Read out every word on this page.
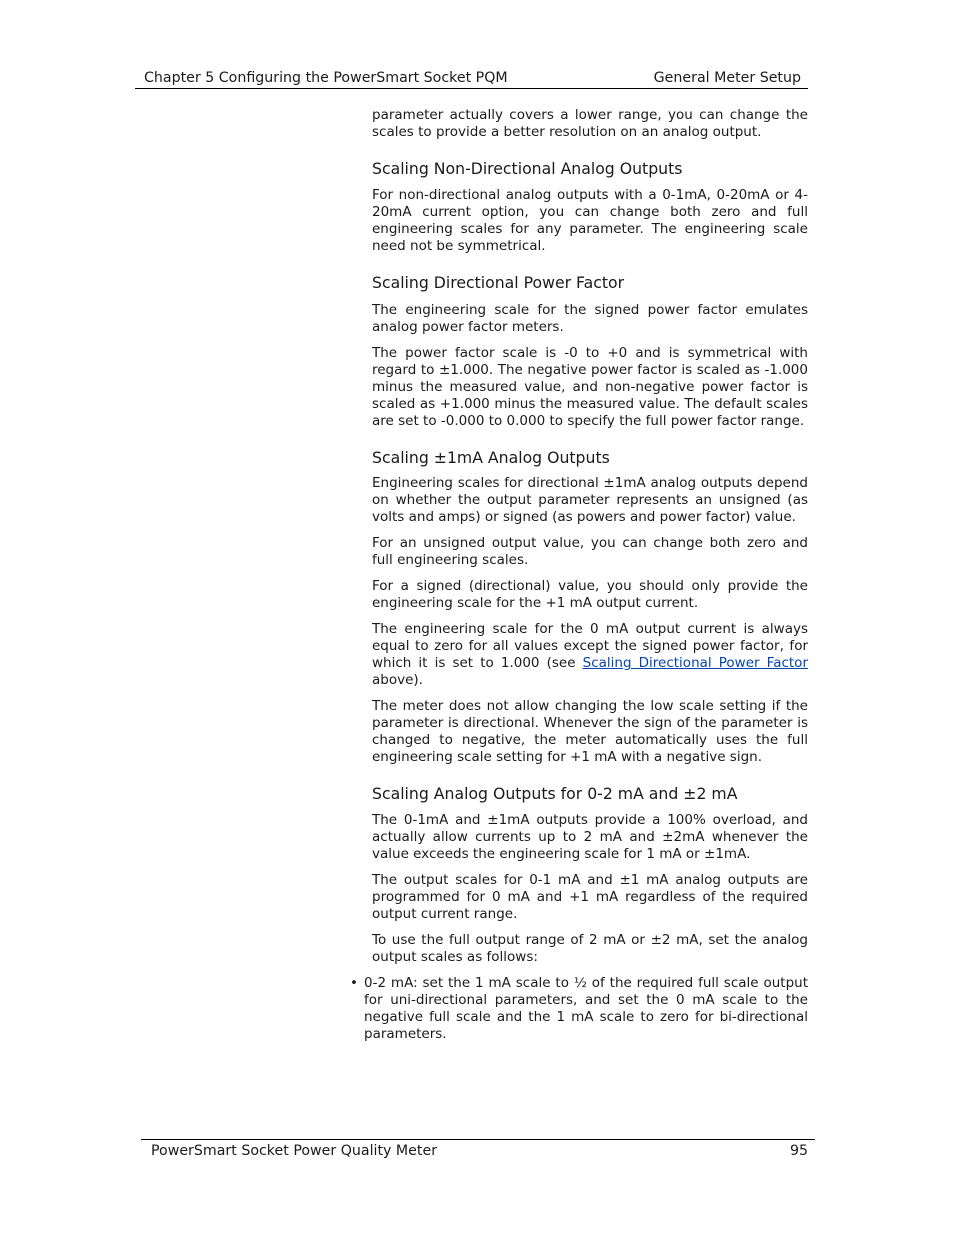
Chapter 5 Configuring the PowerSmart Socket PQM	General Meter Setup

parameter actually covers a lower range, you can change the scales to provide a better resolution on an analog output.

Scaling Non-Directional Analog Outputs

For non-directional analog outputs with a 0-1mA, 0-20mA or 4-20mA current option, you can change both zero and full engineering scales for any parameter. The engineering scale need not be symmetrical.

Scaling Directional Power Factor

The engineering scale for the signed power factor emulates analog power factor meters.

The power factor scale is -0 to +0 and is symmetrical with regard to ±1.000. The negative power factor is scaled as -1.000 minus the measured value, and non-negative power factor is scaled as +1.000 minus the measured value. The default scales are set to -0.000 to 0.000 to specify the full power factor range.

Scaling ±1mA Analog Outputs

Engineering scales for directional ±1mA analog outputs depend on whether the output parameter represents an unsigned (as volts and amps) or signed (as powers and power factor) value.

For an unsigned output value, you can change both zero and full engineering scales.

For a signed (directional) value, you should only provide the engineering scale for the +1 mA output current.

The engineering scale for the 0 mA output current is always equal to zero for all values except the signed power factor, for which it is set to 1.000 (see Scaling Directional Power Factor above).

The meter does not allow changing the low scale setting if the parameter is directional. Whenever the sign of the parameter is changed to negative, the meter automatically uses the full engineering scale setting for +1 mA with a negative sign.

Scaling Analog Outputs for 0-2 mA and ±2 mA

The 0-1mA and ±1mA outputs provide a 100% overload, and actually allow currents up to 2 mA and ±2mA whenever the value exceeds the engineering scale for 1 mA or ±1mA.

The output scales for 0-1 mA and ±1 mA analog outputs are programmed for 0 mA and +1 mA regardless of the required output current range.

To use the full output range of 2 mA or ±2 mA, set the analog output scales as follows:

• 0-2 mA: set the 1 mA scale to ½ of the required full scale output for uni-directional parameters, and set the 0 mA scale to the negative full scale and the 1 mA scale to zero for bi-directional parameters.
PowerSmart Socket Power Quality Meter	95
